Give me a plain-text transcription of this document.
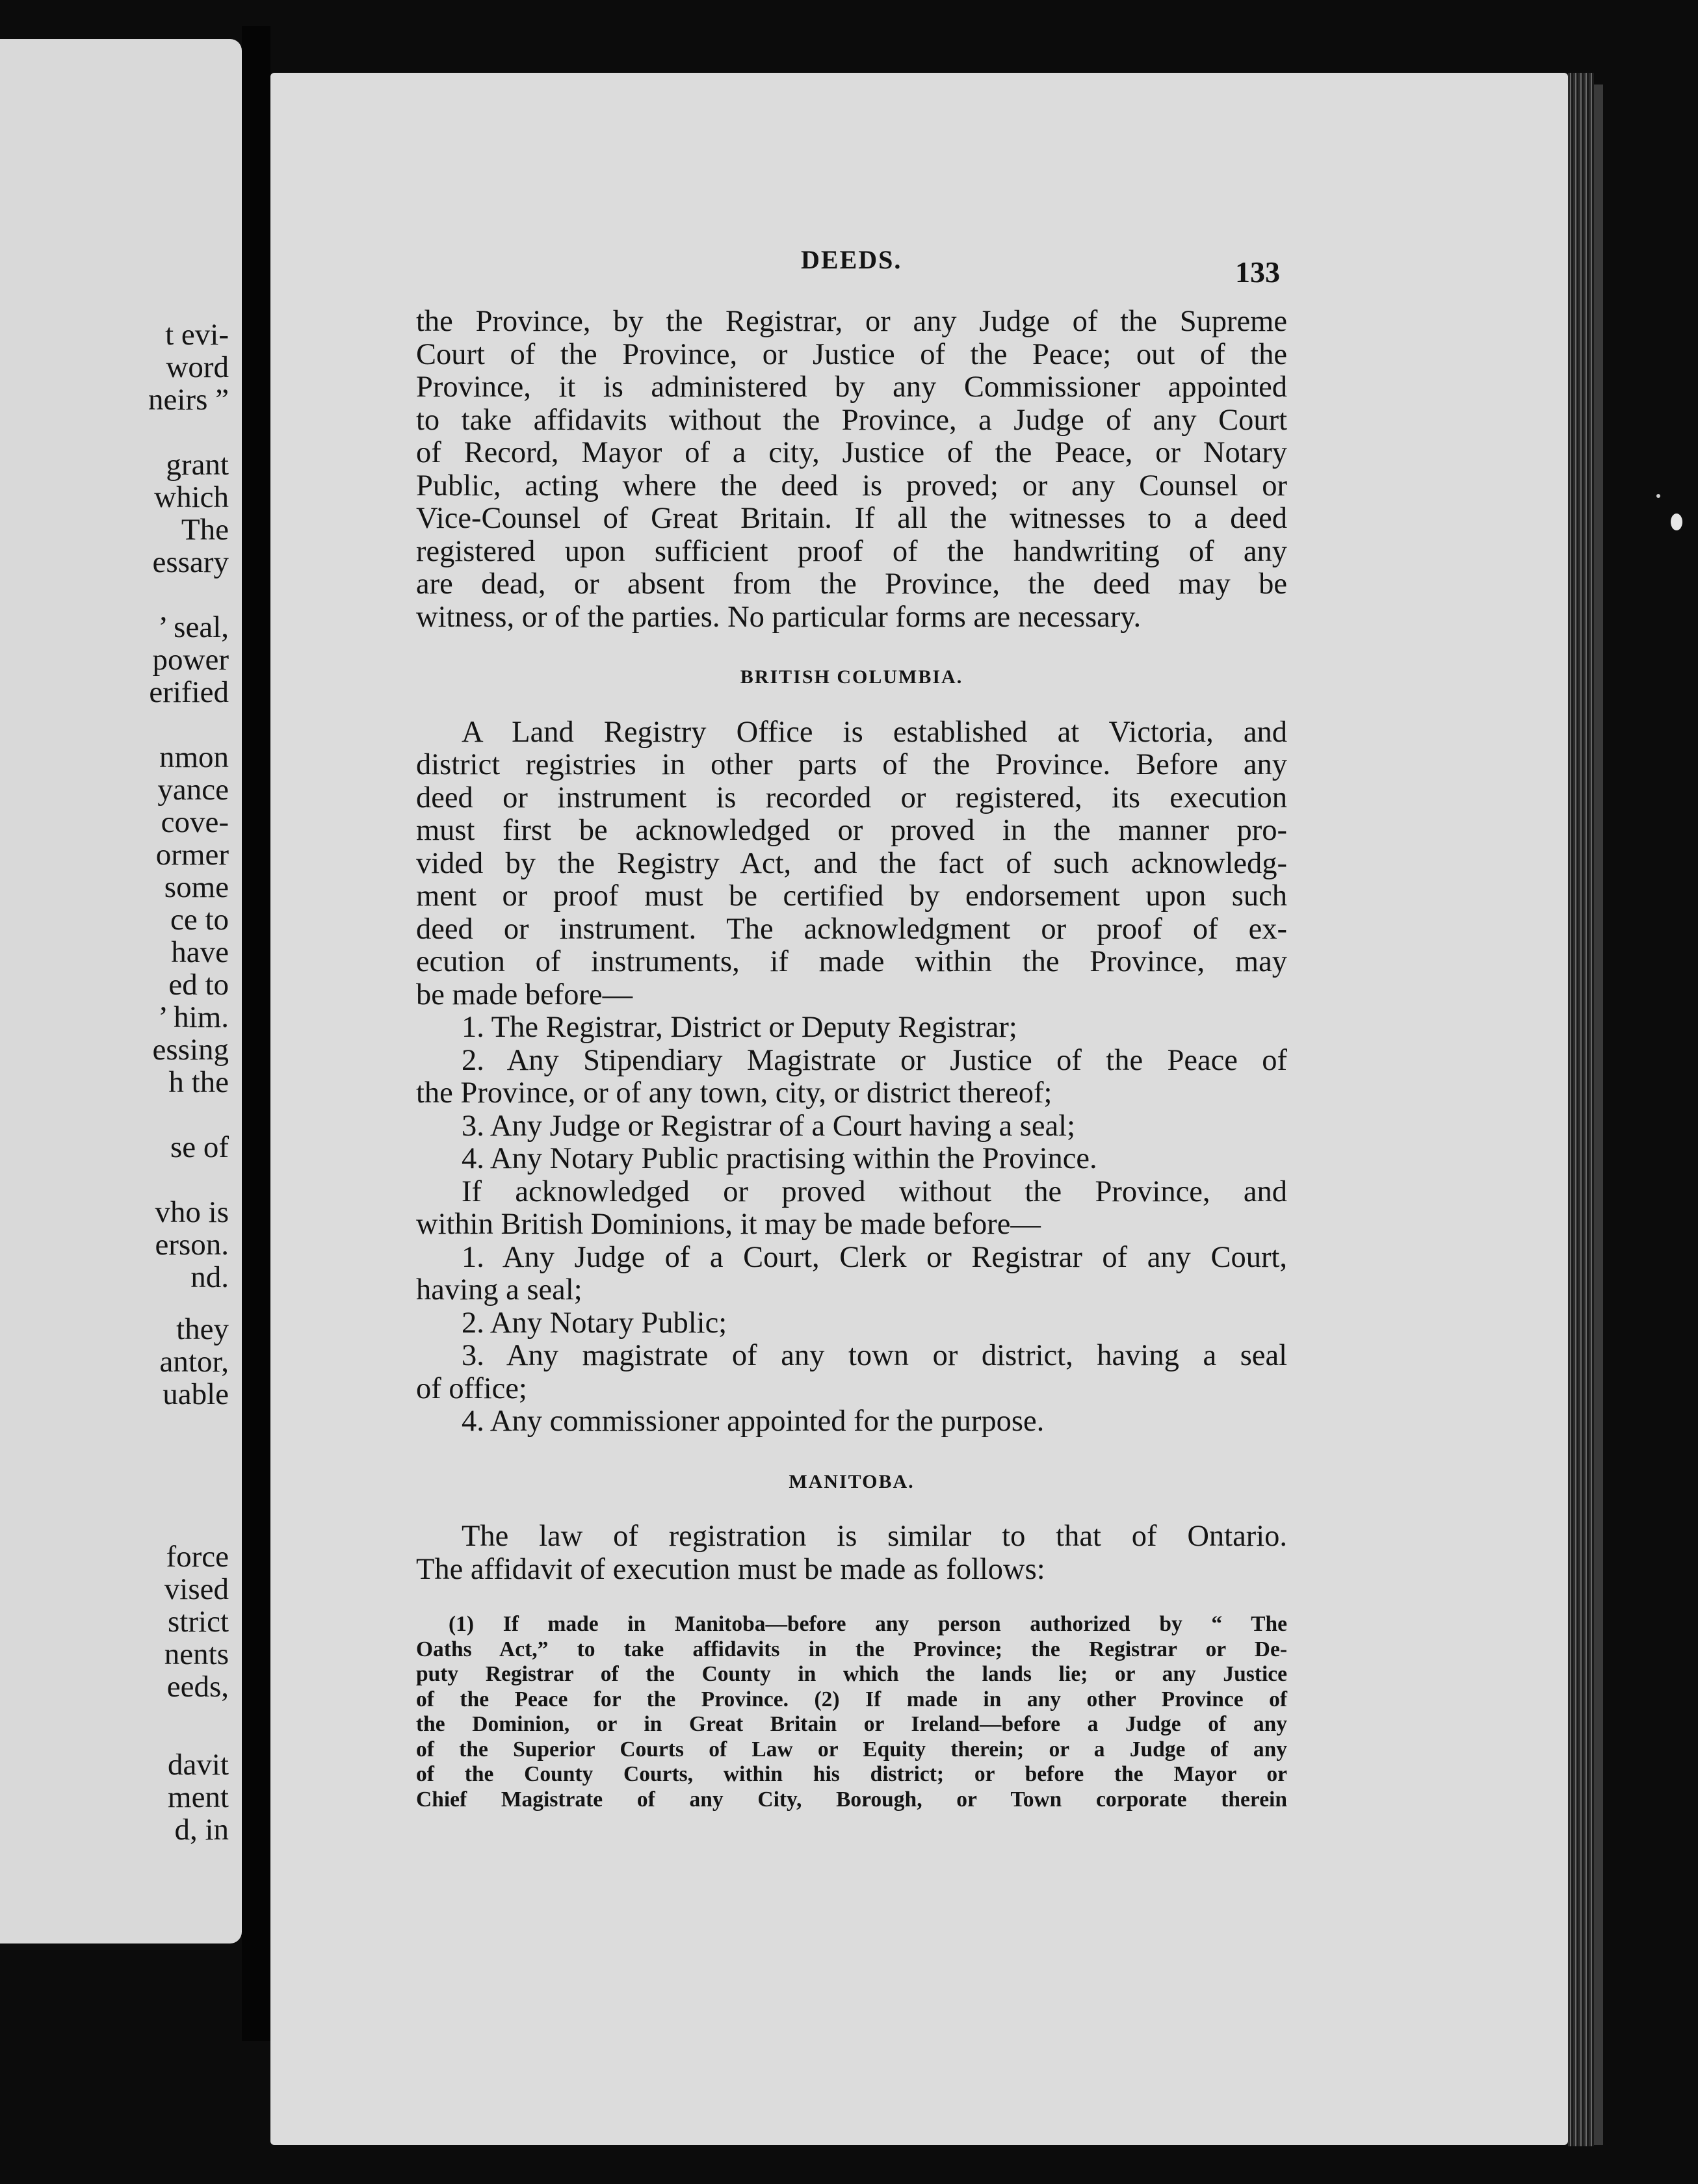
t evi-
word
neirs ”
grant
which
The
essary
’ seal,
power
erified
nmon
yance
cove-
ormer
some
ce to
have
ed to
’ him.
essing
h the
se of
vho is
erson.
nd.
they
antor,
uable
force
vised
strict
nents
eeds,
davit
ment
d, in
DEEDS.	133

the Province, by the Registrar, or any Judge of the Supreme
Court of the Province, or Justice of the Peace; out of the
Province, it is administered by any Commissioner appointed
to take affidavits without the Province, a Judge of any Court
of Record, Mayor of a city, Justice of the Peace, or Notary
Public, acting where the deed is proved; or any Counsel or
Vice-Counsel of Great Britain. If all the witnesses to a deed
registered upon sufficient proof of the handwriting of any
are dead, or absent from the Province, the deed may be
witness, or of the parties. No particular forms are necessary.

BRITISH COLUMBIA.

A Land Registry Office is established at Victoria, and
district registries in other parts of the Province. Before any
deed or instrument is recorded or registered, its execution
must first be acknowledged or proved in the manner pro-
vided by the Registry Act, and the fact of such acknowledg-
ment or proof must be certified by endorsement upon such
deed or instrument. The acknowledgment or proof of ex-
ecution of instruments, if made within the Province, may
be made before—

1. The Registrar, District or Deputy Registrar;
2. Any Stipendiary Magistrate or Justice of the Peace of
the Province, or of any town, city, or district thereof;
3. Any Judge or Registrar of a Court having a seal;
4. Any Notary Public practising within the Province.

If acknowledged or proved without the Province, and
within British Dominions, it may be made before—

1. Any Judge of a Court, Clerk or Registrar of any Court,
having a seal;
2. Any Notary Public;
3. Any magistrate of any town or district, having a seal
of office;
4. Any commissioner appointed for the purpose.

MANITOBA.

The law of registration is similar to that of Ontario.
The affidavit of execution must be made as follows:

(1) If made in Manitoba—before any person authorized by “ The
Oaths Act,” to take affidavits in the Province; the Registrar or De-
puty Registrar of the County in which the lands lie; or any Justice
of the Peace for the Province. (2) If made in any other Province of
the Dominion, or in Great Britain or Ireland—before a Judge of any
of the Superior Courts of Law or Equity therein; or a Judge of any
of the County Courts, within his district; or before the Mayor or
Chief Magistrate of any City, Borough, or Town corporate therein
